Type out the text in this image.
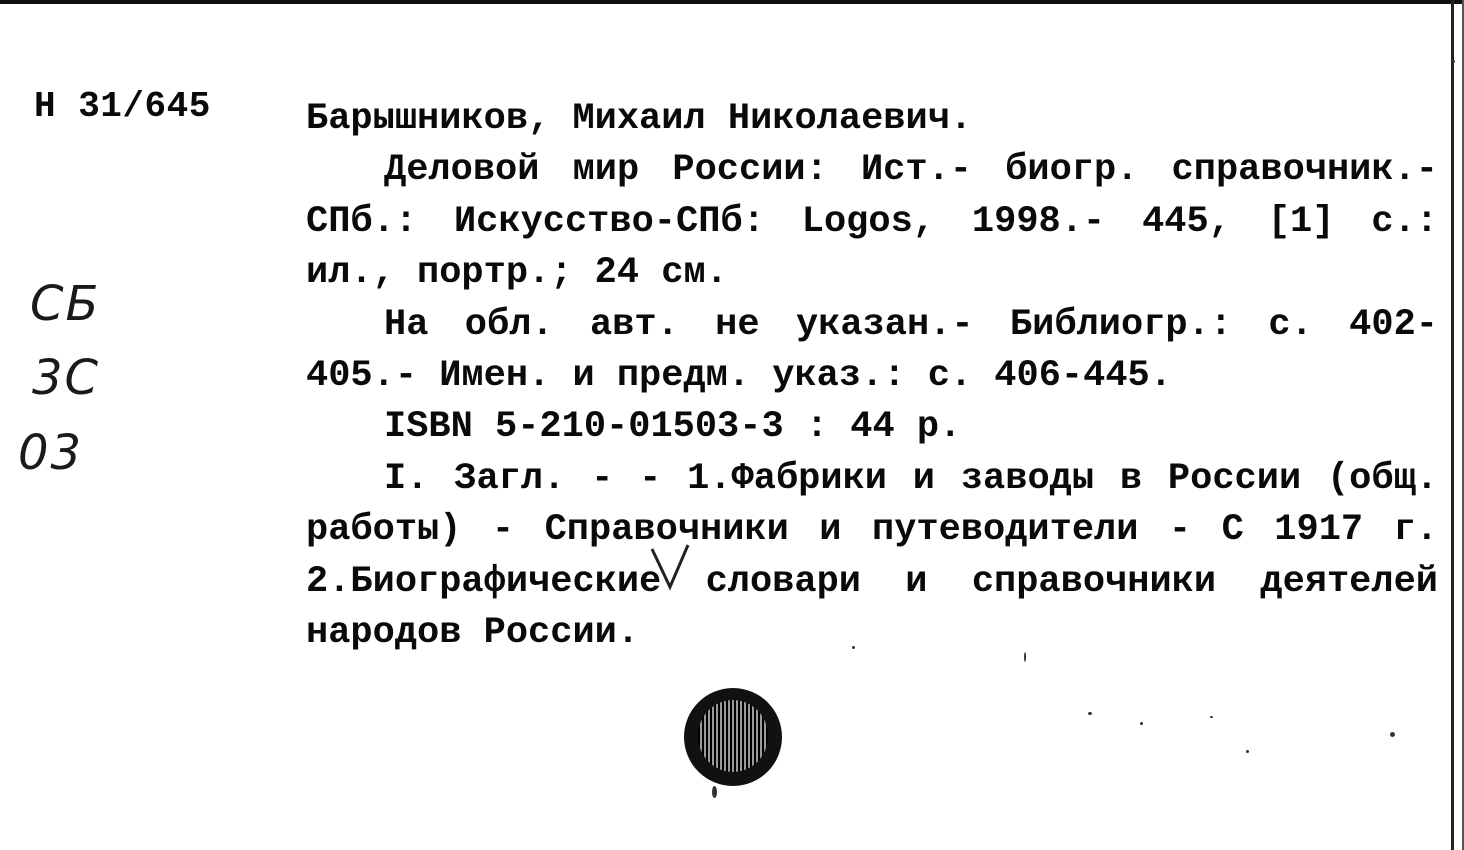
Н 31/645	Барышников, Михаил Николаевич.

Деловой мир России: Ист.- биогр. справочник.- СПб.: Искусство-СПб: Logos, 1998.- 445, [1] с.: ил., портр.; 24 см.

На обл. авт. не указан.- Библиогр.: с. 402-405.- Имен. и предм. указ.: с. 406-445.

ISBN 5-210-01503-3 : 44 р.

I. Загл. - - 1.Фабрики и заводы в России (общ. работы) - Справочники и путеводители - С 1917 г. 2.Биографические словари и справочники деятелей народов России.

СБ
3С
03
